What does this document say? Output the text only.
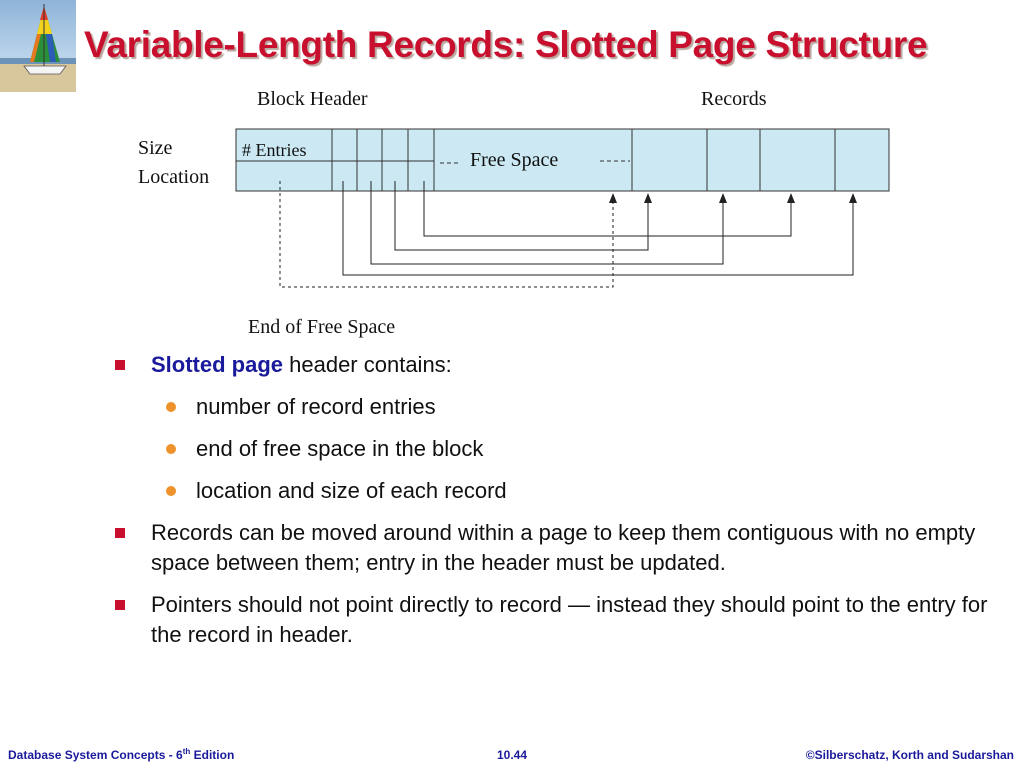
Variable-Length Records: Slotted Page Structure
Block Header	Records
Size
Location
# Entries	Free Space
End of Free Space
Slotted page header contains:
number of record entries
end of free space in the block
location and size of each record
Records can be moved around within a page to keep them contiguous with no empty space between them; entry in the header must be updated.
Pointers should not point directly to record — instead they should point to the entry for the record in header.
Database System Concepts - 6th Edition	10.44	©Silberschatz, Korth and Sudarshan
